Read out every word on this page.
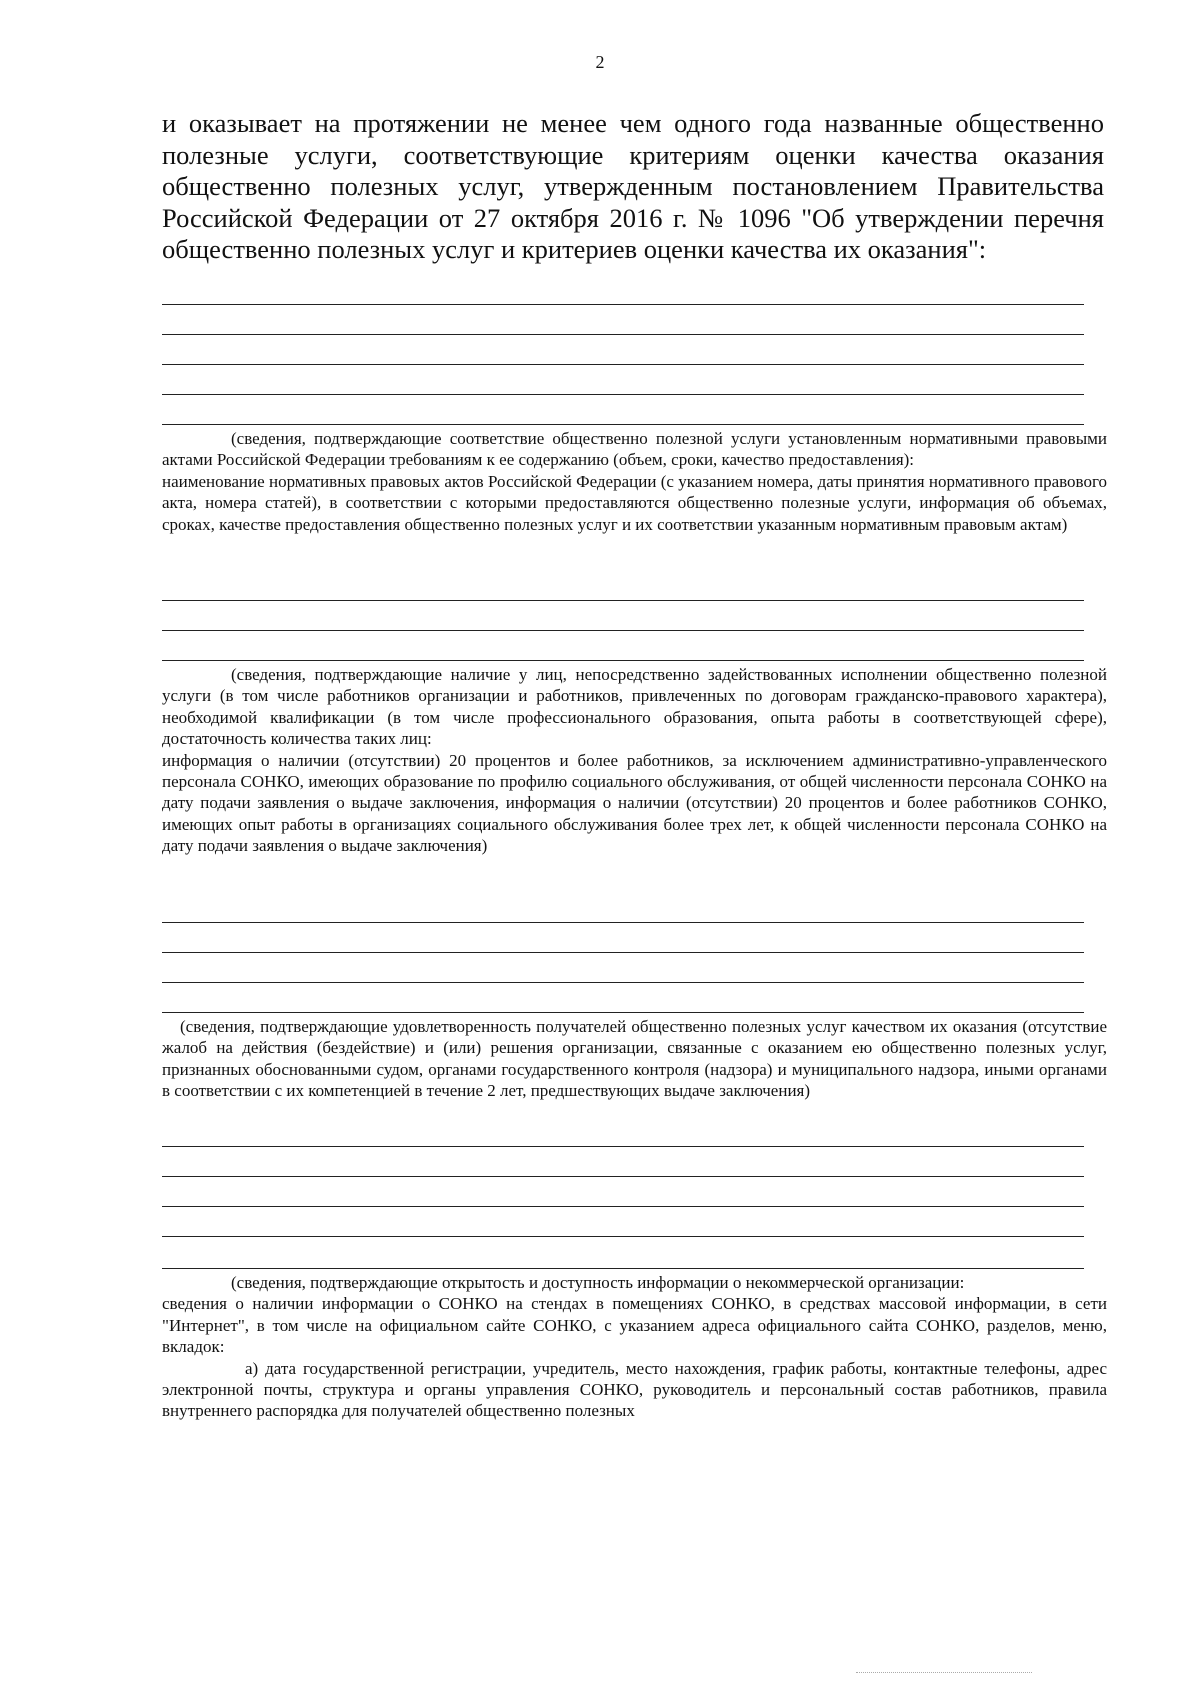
2
и оказывает на протяжении не менее чем одного года названные общественно полезные услуги, соответствующие критериям оценки качества оказания общественно полезных услуг, утвержденным постановлением Правительства Российской Федерации от 27 октября 2016 г. № 1096 "Об утверждении перечня общественно полезных услуг и критериев оценки качества их оказания":

(сведения, подтверждающие соответствие общественно полезной услуги установленным нормативными правовыми актами Российской Федерации требованиям к ее содержанию (объем, сроки, качество предоставления):

наименование нормативных правовых актов Российской Федерации (с указанием номера, даты принятия нормативного правового акта, номера статей), в соответствии с которыми предоставляются общественно полезные услуги, информация об объемах, сроках, качестве предоставления общественно полезных услуг и их соответствии указанным нормативным правовым актам)

(сведения, подтверждающие наличие у лиц, непосредственно задействованных исполнении общественно полезной услуги (в том числе работников организации и работников, привлеченных по договорам гражданско-правового характера), необходимой квалификации (в том числе профессионального образования, опыта работы в соответствующей сфере), достаточность количества таких лиц:

информация о наличии (отсутствии) 20 процентов и более работников, за исключением административно-управленческого персонала СОНКО, имеющих образование по профилю социального обслуживания, от общей численности персонала СОНКО на дату подачи заявления о выдаче заключения, информация о наличии (отсутствии) 20 процентов и более работников СОНКО, имеющих опыт работы в организациях социального обслуживания более трех лет, к общей численности персонала СОНКО на дату подачи заявления о выдаче заключения)

(сведения, подтверждающие удовлетворенность получателей общественно полезных услуг качеством их оказания (отсутствие жалоб на действия (бездействие) и (или) решения организации, связанные с оказанием ею общественно полезных услуг, признанных обоснованными судом, органами государственного контроля (надзора) и муниципального надзора, иными органами в соответствии с их компетенцией в течение 2 лет, предшествующих выдаче заключения)

(сведения, подтверждающие открытость и доступность информации о некоммерческой организации:

сведения о наличии информации о СОНКО на стендах в помещениях СОНКО, в средствах массовой информации, в сети "Интернет", в том числе на официальном сайте СОНКО, с указанием адреса официального сайта СОНКО, разделов, меню, вкладок:

а) дата государственной регистрации, учредитель, место нахождения, график работы, контактные телефоны, адрес электронной почты, структура и органы управления СОНКО, руководитель и персональный состав работников, правила внутреннего распорядка для получателей общественно полезных
